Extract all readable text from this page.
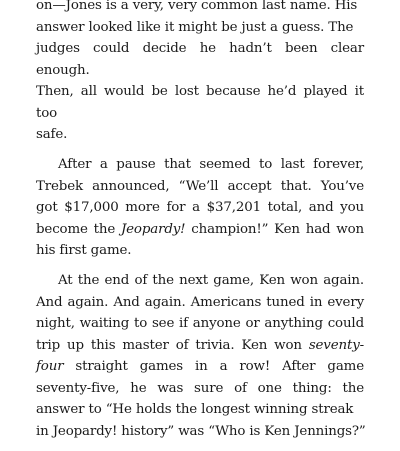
on—Jones is a very, very common last name. His
answer looked like it might be just a guess. The
judges could decide he hadn’t been clear enough.
Then, all would be lost because he’d played it too
safe.

After a pause that seemed to last forever, Trebek announced, “We’ll accept that. You’ve got $17,000 more for a $37,201 total, and you become the Jeopardy! champion!” Ken had won his first game.

At the end of the next game, Ken won again. And again. And again. Americans tuned in every night, waiting to see if anyone or anything could trip up this master of trivia. Ken won seventy-four straight games in a row! After game seventy-five, he was sure of one thing: the answer to “He holds the longest winning streak
in Jeopardy! history” was “Who is Ken Jennings?”
